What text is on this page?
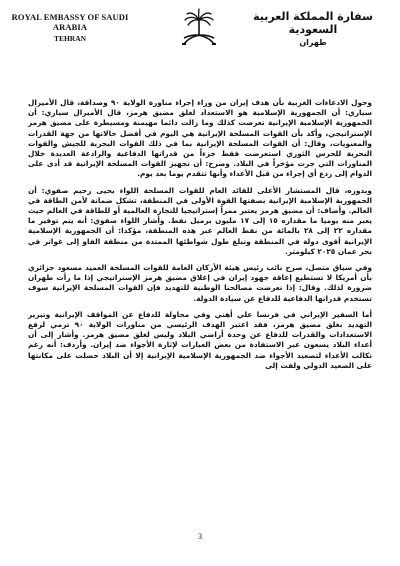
ROYAL EMBASSY OF SAUDI ARABIA
TEHRAN
سفارة المملكة العربية السعودية
طهران

وحول الادعاءات الغربية بأن هدف إيران من وراء إجراء مناورة الولاية ٩٠ وصداقة، قال الأميرال سياري: أن الجمهورية الإسلامية هو الاستعداد لغلق مضيق هرمز، قال الأميرال سياري: أن الجمهورية الإسلامية الإيرانية تعرضت كذلك وما زالت دائما مهيمنة ومسيطرة على مضيق هرمز الإستراتيجي، وأكد بأن القوات المسلحة الإيرانية هي اليوم في أفضل حالاتها من جهة القدرات والمعنويات، وقال: أن القوات المسلحة الإيرانية بما في ذلك القوات البحرية للجيش والقوات البحرية للحرس الثوري استعرضت فقط جزءاً من قدراتها الدفاعية والرادعة العديدة خلال المناورات التي جرت مؤخراً في البلاد. وصرح: أن تجهيز القوات المسلحة الإيرانية قد أدى على الدوام إلى ردع أي إجراء من قبل الأعداء وأنها تتقدم يوما بعد يوم.

وبدوره، قال المستشار الأعلى للقائد العام للقوات المسلحة اللواء يحيى رحيم صفوي: أن الجمهورية الإسلامية الإيرانية بصفتها القوة الأولى في المنطقة، تشكل ضمانة لأمن الطاقة في العالم. وأضاف: أن مضيق هرمز يعتبر ممراً إستراتيجيا للتجارة العالمية أو للطاقة في العالم حيث يعبر منه يوميا ما مقداره ١٥ إلى ١٧ مليون برميل نفط. وأشار اللواء صفوي: أنه يتم توفير ما مقداره ٢٢ إلى ٢٨ بالمائة من نفط العالم عبر هذه المنطقة، مؤكدا: أن الجمهورية الإسلامية الإيرانية أقوى دولة في المنطقة وتبلغ طول شواطئها الممتدة من منطقة الفاو إلى غواتر في بحر عمان ٢٠٢٥ كيلومتر.

وفي سياق متصل، صرح نائب رئيس هيئة الأركان العامة للقوات المسلحة العميد مسعود جزائري بأن أمريكا لا تستطيع إعاقة جهود إيران في إغلاق مضيق هرمز الإستراتيجي إذا ما رأت طهران ضرورة لذلك. وقال: إذا تعرضت مصالحنا الوطنية للتهديد فإن القوات المسلحة الإيرانية سوف تستخدم قدراتها الدفاعية للدفاع عن سيادة الدولة.

أما السفير الإيراني في فرنسا علي أهني وفي محاولة للدفاع عن المواقف الإيرانية وتبرير التهديد بغلق مضيق هرمز، فقد اعتبر الهدف الرئيسي من مناورات الولاية ٩٠ ترمي لرفع الاستعدادات والقدرات للدفاع عن وحدة أراضي البلاد وليس لغلق مضيق هرمز. وأشار إلى أن أعداء البلاد يسعون عبر الاستفادة من بعض العبارات لإثارة الأجواء ضد إيران. وأردف: أنه رغم تكالب الأعداء لتصعيد الأجواء ضد الجمهورية الإسلامية الإيرانية إلا أن البلاد حصلت على مكانتها على الصعيد الدولي ولفت إلى

3
